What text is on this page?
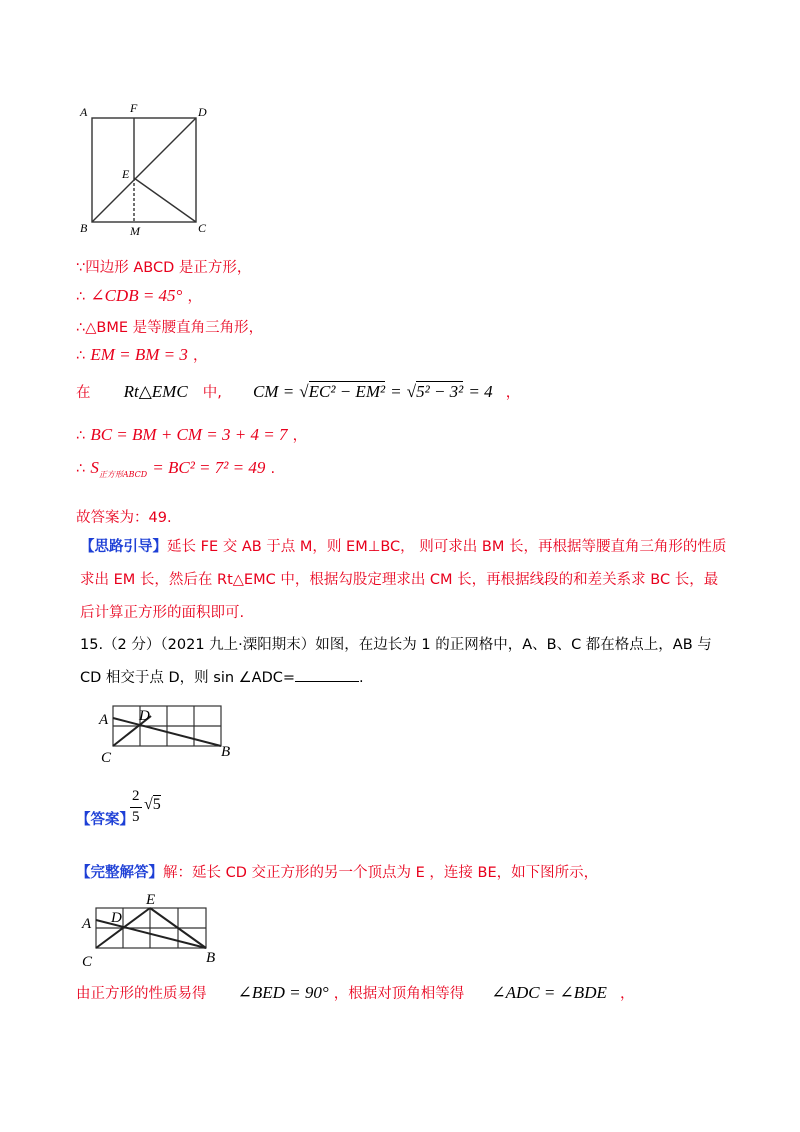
A	F	D
E
B	M	C
∵四边形 ABCD 是正方形，
∴ ∠CDB = 45° ，
∴△BME 是等腰直角三角形，
∴ EM = BM = 3 ，
在 Rt△EMC 中, CM = √EC² − EM² = √5² − 3² = 4 ，
∴ BC = BM + CM = 3 + 4 = 7 ，
∴ $S_{正方形ABCD} = BC^2 = 7^2 = 49$ .
故答案为：49.
【思路引导】延长 FE 交 AB 于点 M，则 EM⊥BC， 则可求出 BM 长，再根据等腰直角三角形的性质求出 EM 长，然后在 Rt△EMC 中，根据勾股定理求出 CM 长，再根据线段的和差关系求 BC 长，最后计算正方形的面积即可.
15.（2 分）（2021 九上·溧阳期末）如图，在边长为 1 的正网格中，A、B、C 都在格点上，AB 与 CD 相交于点 D，则 sin ∠ADC=	.
A D
C	B
【答案】
2
5
√5
【完整解答】解：延长 CD 交正方形的另一个顶点为 E ，连接 BE，如下图所示，
A D
E
C	B
由正方形的性质易得 ∠BED = 90° ，根据对顶角相等得 ∠ADC = ∠BDE ，
